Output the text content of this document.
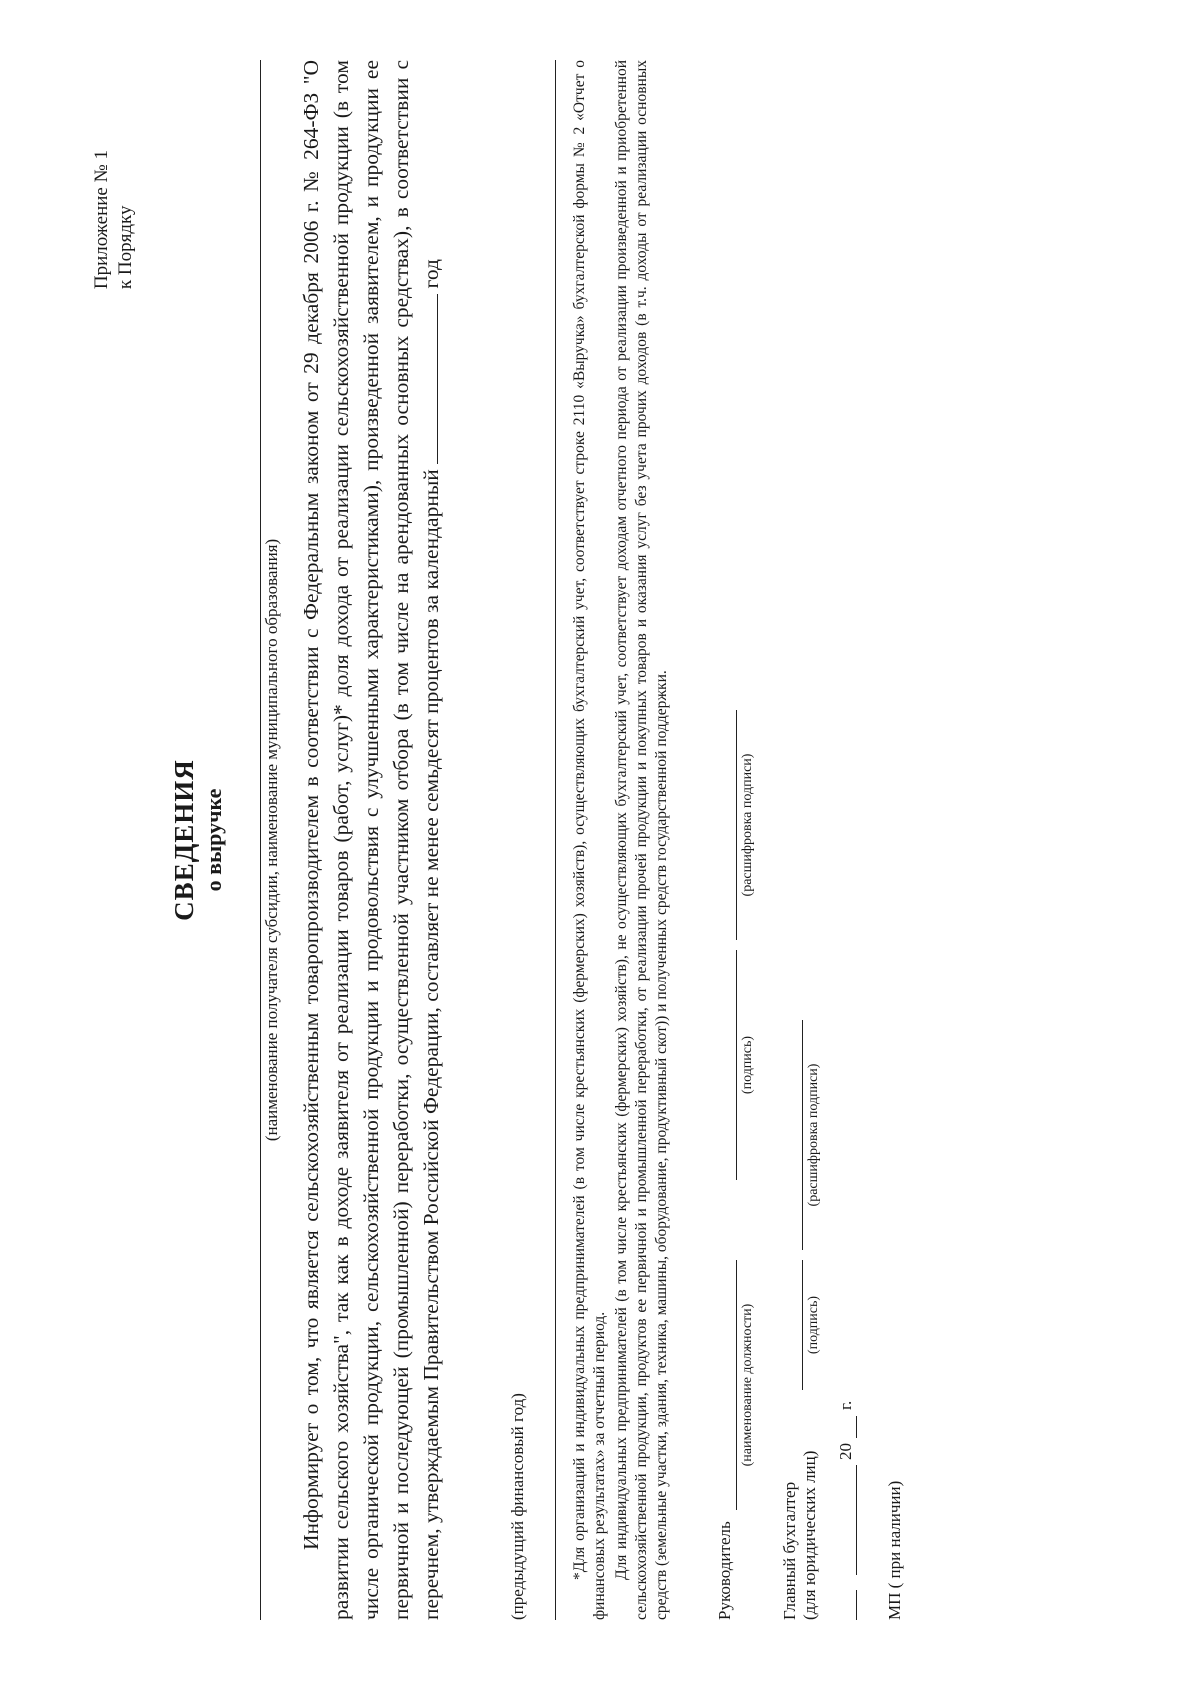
Приложение № 1 к Порядку
СВЕДЕНИЯ о выручке (наименование получателя субсидии, наименование муниципального образования) Информирует о том, что является сельскохозяйственным товаропроизводителем в соответствии с Федеральным законом от 29 декабря 2006 г. № 264-ФЗ "О развитии сельского хозяйства", так как в доходе заявителя от реализации товаров (работ, услуг)* доля дохода от реализации сельскохозяйственной продукции (в том числе органической продукции, сельскохозяйственной продукции и продовольствия с улучшенными характеристиками), произведенной заявителем, и продукции ее первичной и последующей (промышленной) переработки, осуществленной участником отбора (в том числе на арендованных основных средствах), в соответствии с перечнем, утверждаемым Правительством Российской Федерации, составляет не менее семьдесят процентов за календарный  год
(предыдущий финансовый год)	*Для организаций и индивидуальных предпринимателей (в том числе крестьянских (фермерских) хозяйств), осуществляющих бухгалтерский учет, соответствует строке 2110 «Выручка» бухгалтерской формы № 2 «Отчет о финансовых результатах» за отчетный период. Для индивидуальных предпринимателей (в том числе крестьянских (фермерских) хозяйств), не осуществляющих бухгалтерский учет, соответствует доходам отчетного периода от реализации произведенной и приобретенной сельскохозяйственной продукции, продуктов ее первичной и промышленной переработки, от реализации прочей продукции и покупных товаров и оказания услуг без учета прочих доходов (в т.ч. доходы от реализации основных средств (земельные участки, здания, техника, машины, оборудование, продуктивный скот)) и полученных средств государственной поддержки.	Руководитель
(наименование должности)
(подпись)
(расшифровка подписи)
Главный бухгалтер (для юридических лиц)
(подпись)
(расшифровка подписи)
20
г.
МП ( при наличии)
